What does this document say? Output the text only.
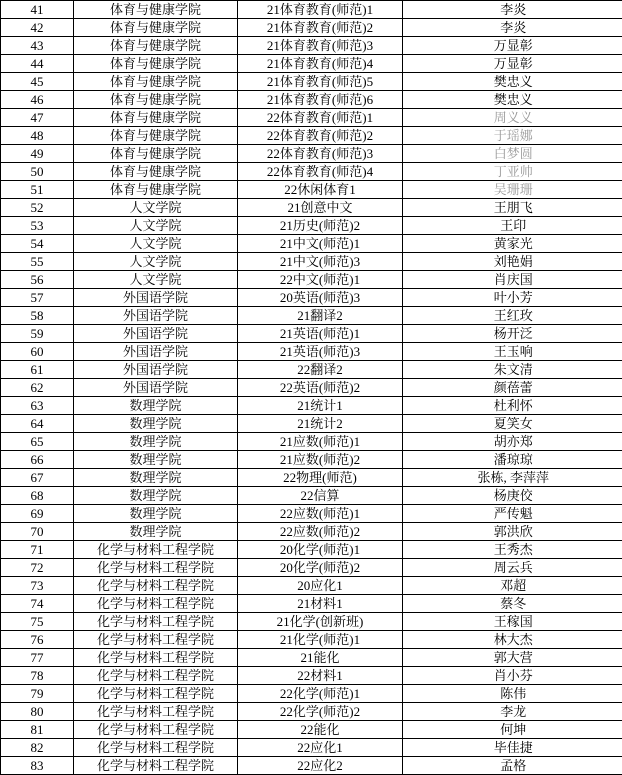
41	体育与健康学院	21体育教育(师范)1	李炎
42	体育与健康学院	21体育教育(师范)2	李炎
43	体育与健康学院	21体育教育(师范)3	万显彰
44	体育与健康学院	21体育教育(师范)4	万显彰
45	体育与健康学院	21体育教育(师范)5	樊忠义
46	体育与健康学院	21体育教育(师范)6	樊忠义
47	体育与健康学院	22体育教育(师范)1	周义义
48	体育与健康学院	22体育教育(师范)2	于瑶娜
49	体育与健康学院	22体育教育(师范)3	白梦圆
50	体育与健康学院	22体育教育(师范)4	丁亚帅
51	体育与健康学院	22休闲体育1	吴珊珊
52	人文学院	21创意中文	王朋飞
53	人文学院	21历史(师范)2	王印
54	人文学院	21中文(师范)1	黄家光
55	人文学院	21中文(师范)3	刘艳娟
56	人文学院	22中文(师范)1	肖庆国
57	外国语学院	20英语(师范)3	叶小芳
58	外国语学院	21翻译2	王红玫
59	外国语学院	21英语(师范)1	杨开泛
60	外国语学院	21英语(师范)3	王玉响
61	外国语学院	22翻译2	朱文清
62	外国语学院	22英语(师范)2	颜蓓蕾
63	数理学院	21统计1	杜利怀
64	数理学院	21统计2	夏笑女
65	数理学院	21应数(师范)1	胡亦郑
66	数理学院	21应数(师范)2	潘琼琼
67	数理学院	22物理(师范)	张栋, 李萍萍
68	数理学院	22信算	杨庚佼
69	数理学院	22应数(师范)1	严传魁
70	数理学院	22应数(师范)2	郭洪欣
71	化学与材料工程学院	20化学(师范)1	王秀杰
72	化学与材料工程学院	20化学(师范)2	周云兵
73	化学与材料工程学院	20应化1	邓超
74	化学与材料工程学院	21材料1	蔡冬
75	化学与材料工程学院	21化学(创新班)	王稼国
76	化学与材料工程学院	21化学(师范)1	林大杰
77	化学与材料工程学院	21能化	郭大营
78	化学与材料工程学院	22材料1	肖小芬
79	化学与材料工程学院	22化学(师范)1	陈伟
80	化学与材料工程学院	22化学(师范)2	李龙
81	化学与材料工程学院	22能化	何坤
82	化学与材料工程学院	22应化1	毕佳捷
83	化学与材料工程学院	22应化2	孟格
